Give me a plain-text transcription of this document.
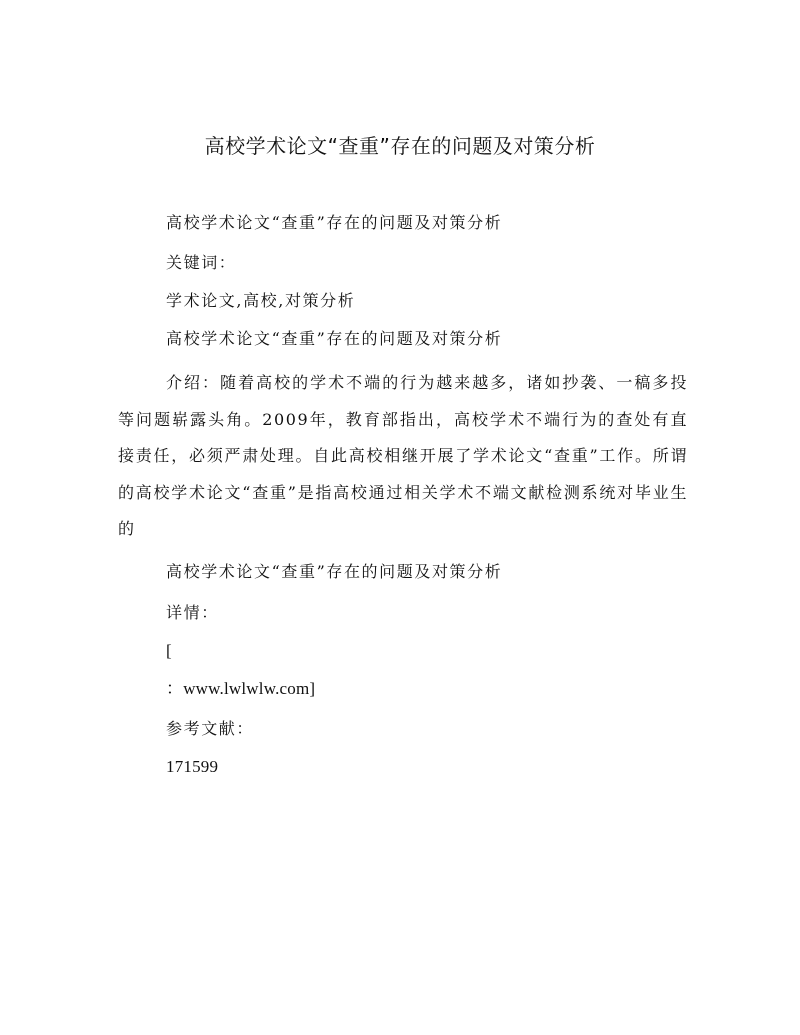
高校学术论文“查重”存在的问题及对策分析

高校学术论文“查重”存在的问题及对策分析

关键词：

学术论文,高校,对策分析

高校学术论文“查重”存在的问题及对策分析

介绍：随着高校的学术不端的行为越来越多，诸如抄袭、一稿多投等问题崭露头角。2009年，教育部指出，高校学术不端行为的查处有直接责任，必须严肃处理。自此高校相继开展了学术论文“查重”工作。所谓的高校学术论文“查重”是指高校通过相关学术不端文献检测系统对毕业生的

高校学术论文“查重”存在的问题及对策分析

详情：

[

：www.lwlwlw.com]

参考文献：

171599
